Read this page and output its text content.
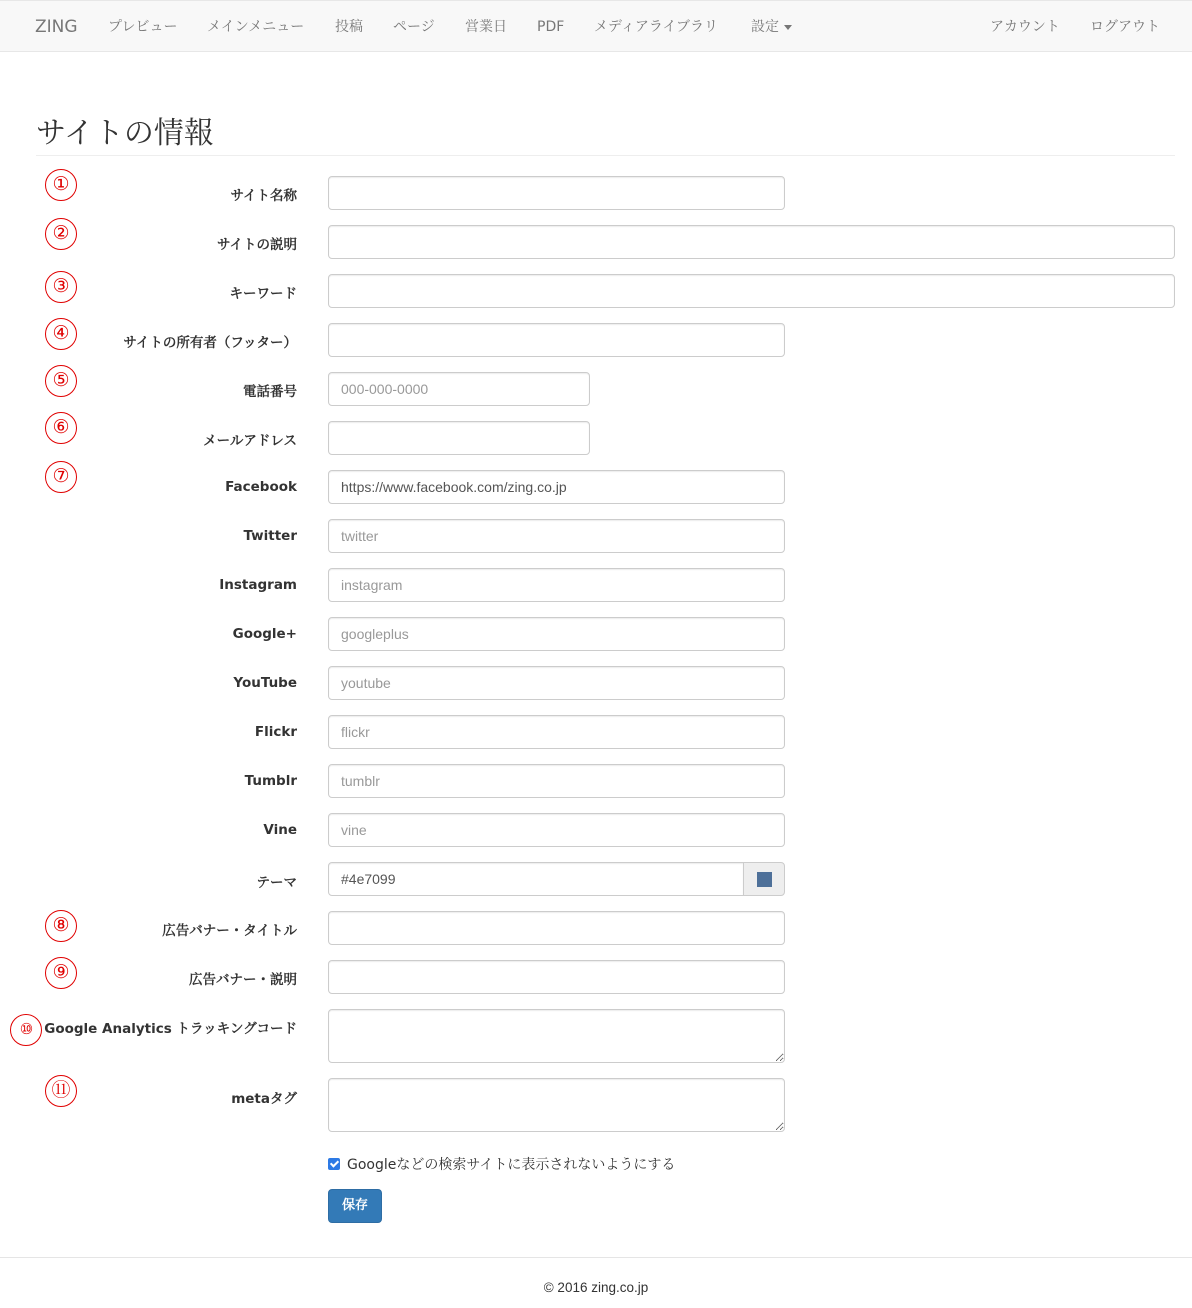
ZING プレビュー メインメニュー 投稿 ページ 営業日 PDF メディアライブラリ 設定	アカウント ログアウト
サイトの情報
①
②
③
④
⑤
⑥
⑦
⑧
⑨
⑩
⑪
サイト名称
サイトの説明
キーワード
サイトの所有者（フッター）
電話番号
000-000-0000
メールアドレス
Facebook
https://www.facebook.com/zing.co.jp
Twitter
twitter
Instagram
instagram
Google+
googleplus
YouTube
youtube
Flickr
flickr
Tumblr
tumblr
Vine
vine
テーマ
#4e7099
広告バナー・タイトル
広告バナー・説明
Google Analytics トラッキングコード
metaタグ
Googleなどの検索サイトに表示されないようにする
保存
© 2016 zing.co.jp
